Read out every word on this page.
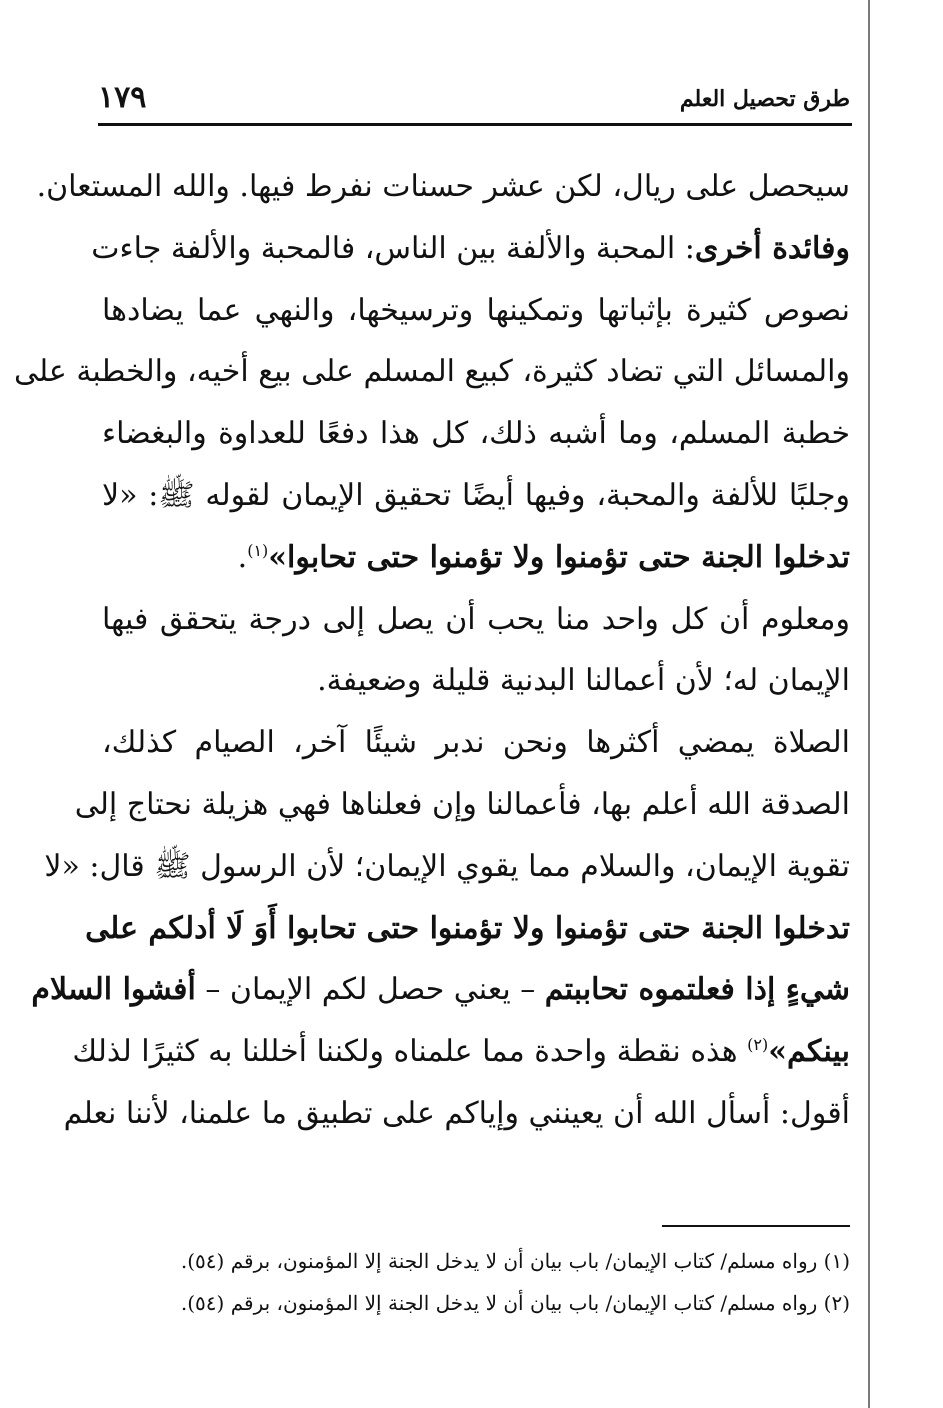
طرق تحصيل العلم
١٧٩
سيحصل على ريال، لكن عشر حسنات نفرط فيها. والله المستعان.
وفائدة أخرى: المحبة والألفة بين الناس، فالمحبة والألفة جاءت
نصوص كثيرة بإثباتها وتمكينها وترسيخها، والنهي عما يضادها
والمسائل التي تضاد كثيرة، كبيع المسلم على بيع أخيه، والخطبة على
خطبة المسلم، وما أشبه ذلك، كل هذا دفعًا للعداوة والبغضاء
وجلبًا للألفة والمحبة، وفيها أيضًا تحقيق الإيمان لقوله ﷺ: «لا
تدخلوا الجنة حتى تؤمنوا ولا تؤمنوا حتى تحابوا»$^{(١)}$.
ومعلوم أن كل واحد منا يحب أن يصل إلى درجة يتحقق فيها
الإيمان له؛ لأن أعمالنا البدنية قليلة وضعيفة.
الصلاة يمضي أكثرها ونحن ندبر شيئًا آخر، الصيام كذلك،
الصدقة الله أعلم بها، فأعمالنا وإن فعلناها فهي هزيلة نحتاج إلى
تقوية الإيمان، والسلام مما يقوي الإيمان؛ لأن الرسول ﷺ قال: «لا
تدخلوا الجنة حتى تؤمنوا ولا تؤمنوا حتى تحابوا أَوَ لَا أدلكم على
شيءٍ إذا فعلتموه تحاببتم – يعني حصل لكم الإيمان – أفشوا السلام
بينكم»$^{(٢)}$ هذه نقطة واحدة مما علمناه ولكننا أخللنا به كثيرًا لذلك
أقول: أسأل الله أن يعينني وإياكم على تطبيق ما علمنا، لأننا نعلم
(١) رواه مسلم/ كتاب الإيمان/ باب بيان أن لا يدخل الجنة إلا المؤمنون، برقم (٥٤).
(٢) رواه مسلم/ كتاب الإيمان/ باب بيان أن لا يدخل الجنة إلا المؤمنون، برقم (٥٤).
